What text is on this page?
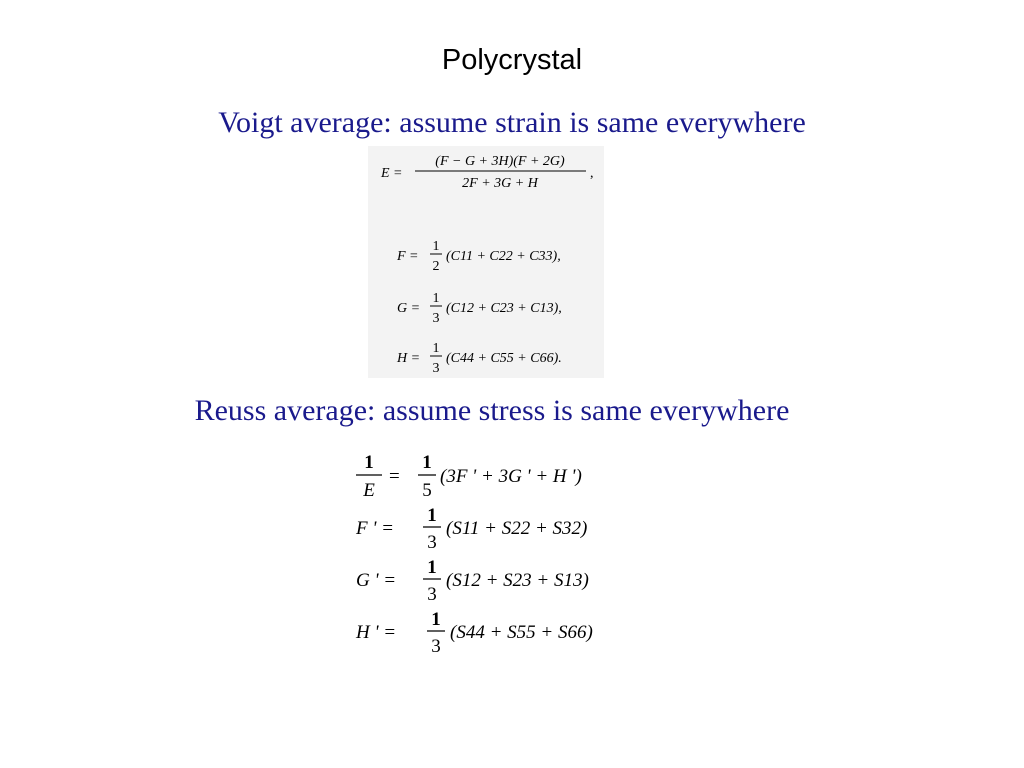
Polycrystal
Voigt average: assume strain is same everywhere
Reuss average: assume stress is same everywhere
E =
(F − G + 3H)(F + 2G)
2F + 3G + H
,
F =
1
2
(C11 + C22 + C33),
G =
1
3
(C12 + C23 + C13),
H =
1
3
(C44 + C55 + C66).
1
E
=
1
5
(3F ' + 3G ' + H ')
F ' =
1
3
(S11 + S22 + S32)
G ' =
1
3
(S12 + S23 + S13)
H ' =
1
3
(S44 + S55 + S66)
